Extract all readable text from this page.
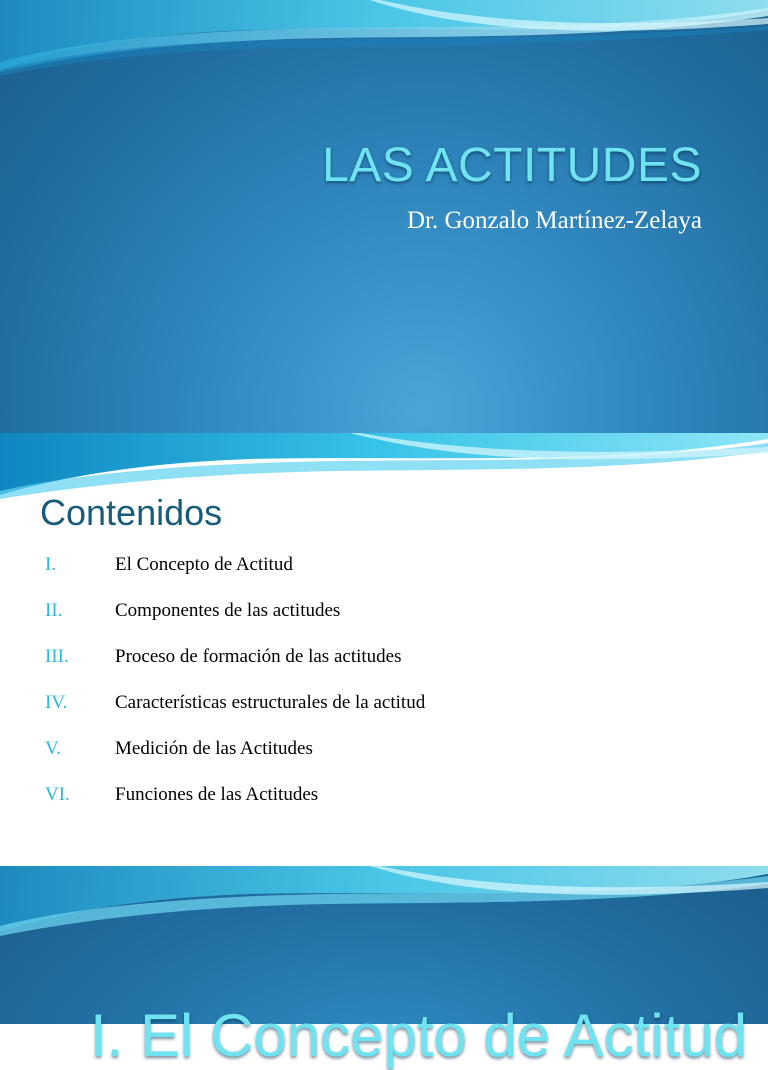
LAS ACTITUDES
Dr. Gonzalo Martínez-Zelaya
Contenidos
I.	El Concepto de Actitud
II.	Componentes de las actitudes
III. Proceso de formación de las actitudes
IV.	Características estructurales de la actitud
V.	Medición de las Actitudes
VI. Funciones de las Actitudes
I. El Concepto de Actitud
